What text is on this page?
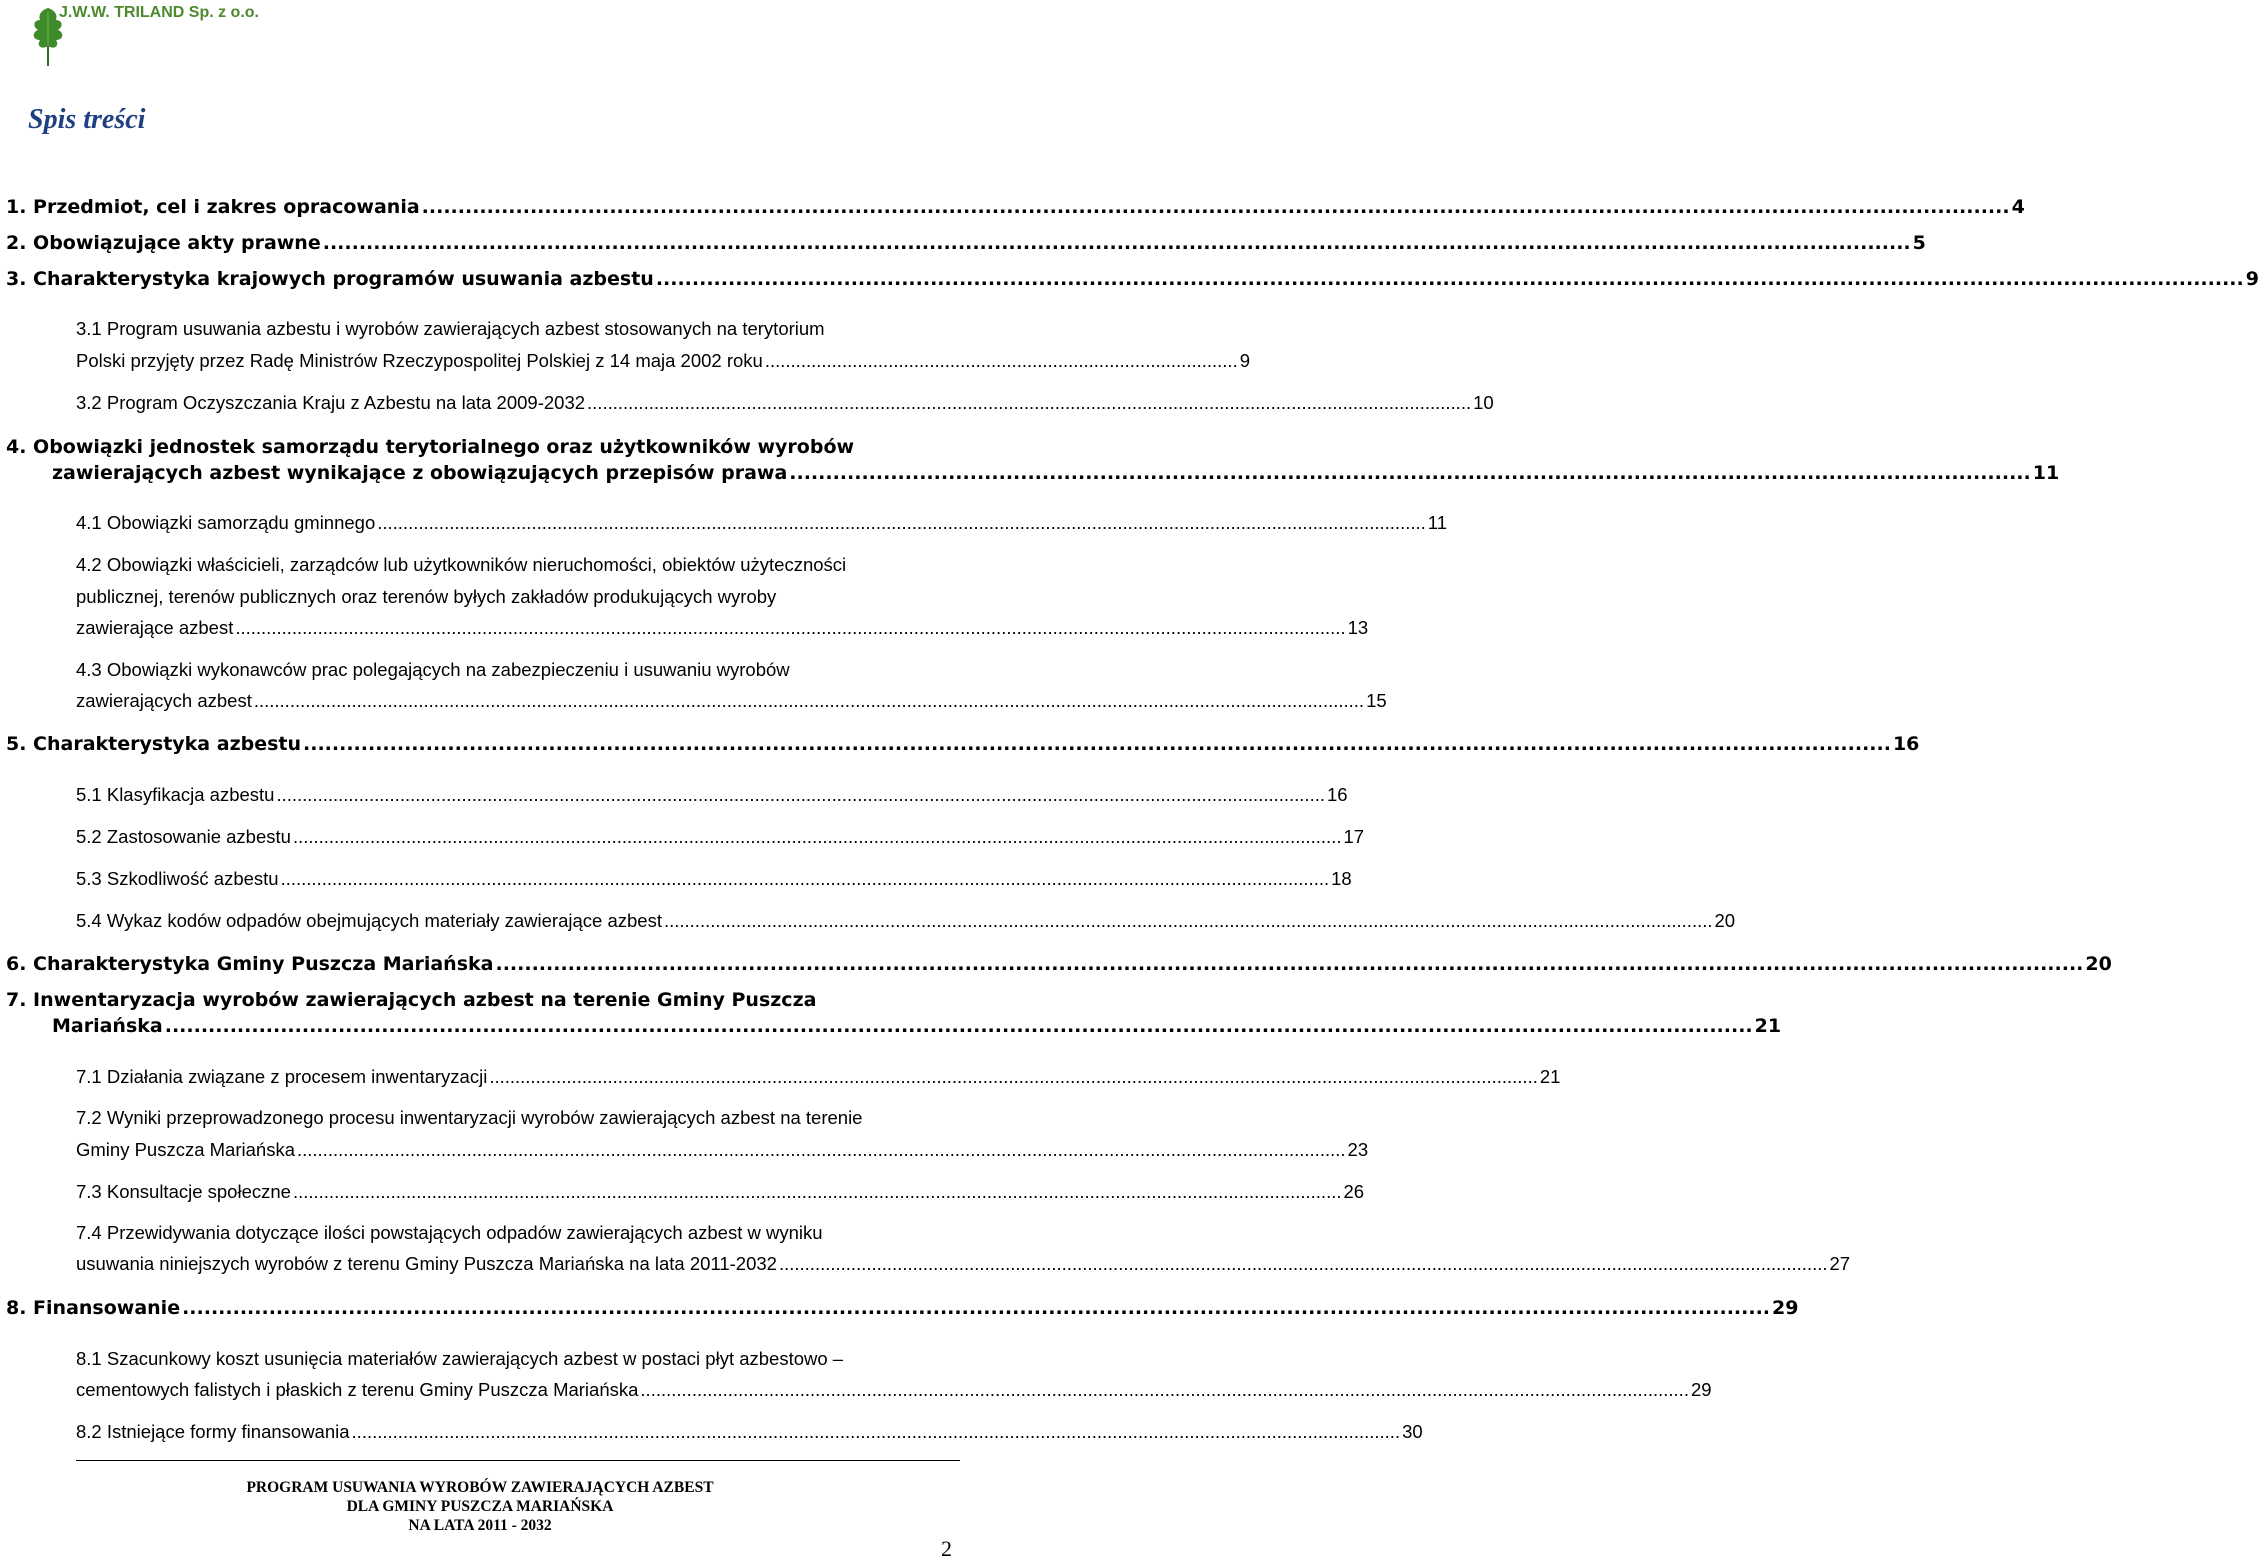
J.W.W. TRILAND Sp. z o.o.
Spis treści
1. Przedmiot, cel i zakres opracowania ............................................................................................................................................................................................................................ 4
2. Obowiązujące akty prawne ............................................................................................................................................................................................................................ 5
3. Charakterystyka krajowych programów usuwania azbestu ............................................................................................................................................................................................................................ 9
3.1 Program usuwania azbestu i wyrobów zawierających azbest stosowanych na terytorium
Polski przyjęty przez Radę Ministrów Rzeczypospolitej Polskiej z 14 maja 2002 roku ............................................................................................ 9
3.2 Program Oczyszczania Kraju z Azbestu na lata 2009-2032 ............................................................................................................................................................................ 10
4. Obowiązki jednostek samorządu terytorialnego oraz użytkowników wyrobów
zawierających azbest wynikające z obowiązujących przepisów prawa ............................................................................................................................................................................ 11
4.1 Obowiązki samorządu gminnego ............................................................................................................................................................................................................ 11
4.2 Obowiązki właścicieli, zarządców lub użytkowników nieruchomości, obiektów użyteczności
publicznej, terenów publicznych oraz terenów byłych zakładów produkujących wyroby
zawierające azbest ........................................................................................................................................................................................................................ 13
4.3 Obowiązki wykonawców prac polegających na zabezpieczeniu i usuwaniu wyrobów
zawierających azbest ........................................................................................................................................................................................................................ 15
5. Charakterystyka azbestu ............................................................................................................................................................................................................................ 16
5.1 Klasyfikacja azbestu ............................................................................................................................................................................................................ 16
5.2 Zastosowanie azbestu ............................................................................................................................................................................................................ 17
5.3 Szkodliwość azbestu ............................................................................................................................................................................................................ 18
5.4 Wykaz kodów odpadów obejmujących materiały zawierające azbest ............................................................................................................................................................................................................ 20
6. Charakterystyka Gminy Puszcza Mariańska ............................................................................................................................................................................................................................ 20
7. Inwentaryzacja wyrobów zawierających azbest na terenie Gminy Puszcza
Mariańska ............................................................................................................................................................................................................................ 21
7.1 Działania związane z procesem inwentaryzacji ............................................................................................................................................................................................................ 21
7.2 Wyniki przeprowadzonego procesu inwentaryzacji wyrobów zawierających azbest na terenie
Gminy Puszcza Mariańska ............................................................................................................................................................................................................ 23
7.3 Konsultacje społeczne ............................................................................................................................................................................................................ 26
7.4 Przewidywania dotyczące ilości powstających odpadów zawierających azbest w wyniku
usuwania niniejszych wyrobów z terenu Gminy Puszcza Mariańska na lata 2011-2032 ............................................................................................................................................................................................................ 27
8. Finansowanie ............................................................................................................................................................................................................................ 29
8.1 Szacunkowy koszt usunięcia materiałów zawierających azbest w postaci płyt azbestowo –
cementowych falistych i płaskich z terenu Gminy Puszcza Mariańska ............................................................................................................................................................................................................ 29
8.2 Istniejące formy finansowania ............................................................................................................................................................................................................ 30
PROGRAM USUWANIA WYROBÓW ZAWIERAJĄCYCH AZBEST
DLA GMINY PUSZCZA MARIAŃSKA
NA LATA 2011 - 2032
2
